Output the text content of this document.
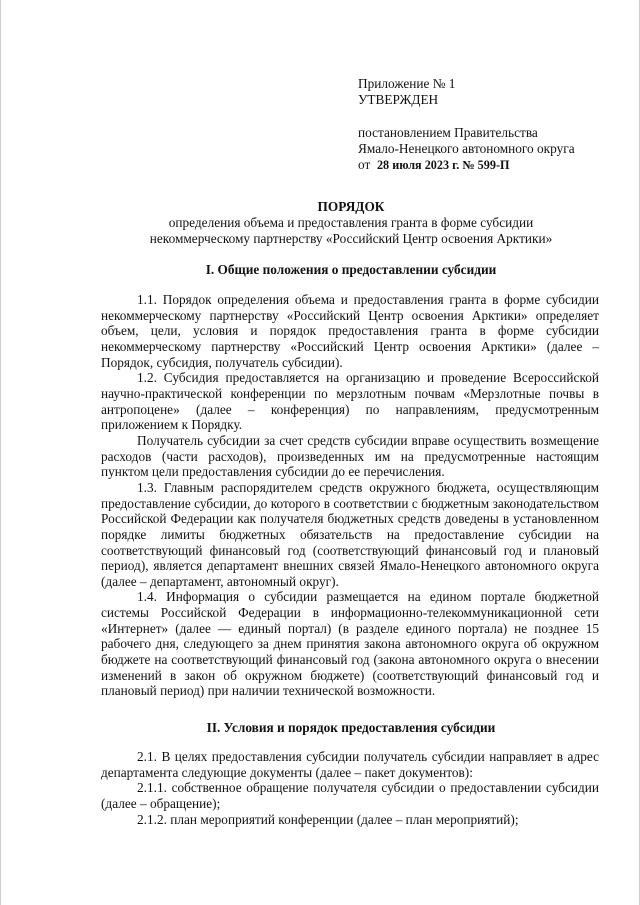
Приложение № 1
УТВЕРЖДЕН
постановлением Правительства
Ямало-Ненецкого автономного округа
от 28 июля 2023 г. № 599-П
ПОРЯДОК
определения объема и предоставления гранта в форме субсидии
некоммерческому партнерству «Российский Центр освоения Арктики»
I. Общие положения о предоставлении субсидии

1.1. Порядок определения объема и предоставления гранта в форме субсидии некоммерческому партнерству «Российский Центр освоения Арктики» определяет объем, цели, условия и порядок предоставления гранта в форме субсидии некоммерческому партнерству «Российский Центр освоения Арктики» (далее – Порядок, субсидия, получатель субсидии).

1.2. Субсидия предоставляется на организацию и проведение Всероссийской научно-практической конференции по мерзлотным почвам «Мерзлотные почвы в антропоцене» (далее – конференция) по направлениям, предусмотренным приложением к Порядку.

Получатель субсидии за счет средств субсидии вправе осуществить возмещение расходов (части расходов), произведенных им на предусмотренные настоящим пунктом цели предоставления субсидии до ее перечисления.

1.3. Главным распорядителем средств окружного бюджета, осуществляющим предоставление субсидии, до которого в соответствии с бюджетным законодательством Российской Федерации как получателя бюджетных средств доведены в установленном порядке лимиты бюджетных обязательств на предоставление субсидии на соответствующий финансовый год (соответствующий финансовый год и плановый период), является департамент внешних связей Ямало-Ненецкого автономного округа (далее – департамент, автономный округ).

1.4. Информация о субсидии размещается на едином портале бюджетной системы Российской Федерации в информационно-телекоммуникационной сети «Интернет» (далее — единый портал) (в разделе единого портала) не позднее 15 рабочего дня, следующего за днем принятия закона автономного округа об окружном бюджете на соответствующий финансовый год (закона автономного округа о внесении изменений в закон об окружном бюджете) (соответствующий финансовый год и плановый период) при наличии технической возможности.

II. Условия и порядок предоставления субсидии

2.1. В целях предоставления субсидии получатель субсидии направляет в адрес департамента следующие документы (далее – пакет документов):

2.1.1. собственное обращение получателя субсидии о предоставлении субсидии (далее – обращение);

2.1.2. план мероприятий конференции (далее – план мероприятий);
